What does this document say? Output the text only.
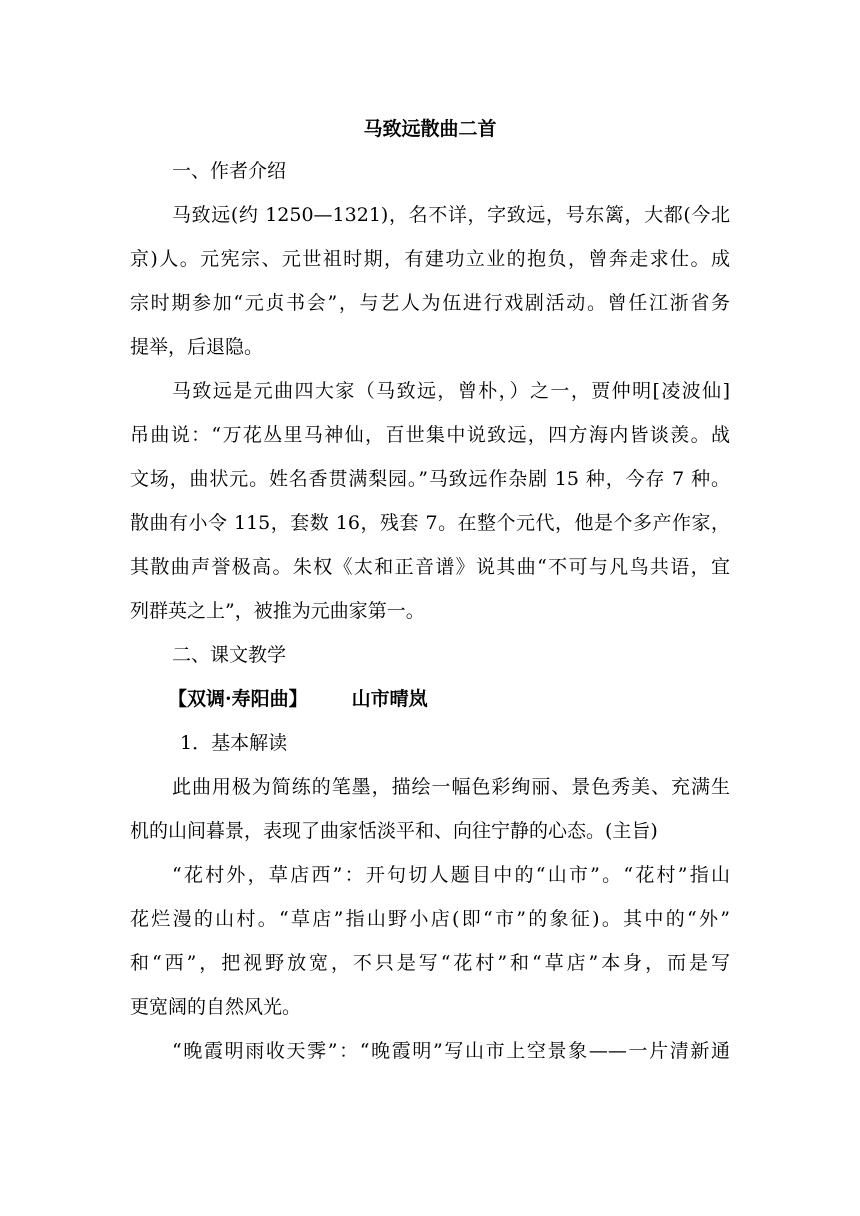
马致远散曲二首
一、作者介绍
马致远(约 1250—1321)，名不详，字致远，号东篱，大都(今北
京)人。元宪宗、元世祖时期，有建功立业的抱负，曾奔走求仕。成
宗时期参加“元贞书会”，与艺人为伍进行戏剧活动。曾任江浙省务
提举，后退隐。
马致远是元曲四大家（马致远，曾朴，）之一，贾仲明[凌波仙]
吊曲说：“万花丛里马神仙，百世集中说致远，四方海内皆谈羡。战
文场，曲状元。姓名香贯满梨园。”马致远作杂剧 15 种，今存 7 种。
散曲有小令 115，套数 16，残套 7。在整个元代，他是个多产作家，
其散曲声誉极高。朱权《太和正音谱》说其曲“不可与凡鸟共语，宜
列群英之上”，被推为元曲家第一。
二、课文教学
【双调·寿阳曲】 山市晴岚
1．基本解读
此曲用极为简练的笔墨，描绘一幅色彩绚丽、景色秀美、充满生
机的山间暮景，表现了曲家恬淡平和、向往宁静的心态。(主旨)
“花村外，草店西”：开句切人题目中的“山市”。“花村”指山
花烂漫的山村。“草店”指山野小店(即“市”的象征)。其中的“外”
和“西”，把视野放宽，不只是写“花村”和“草店”本身，而是写
更宽阔的自然风光。
“晚霞明雨收天霁”：“晚霞明”写山市上空景象——一片清新通
